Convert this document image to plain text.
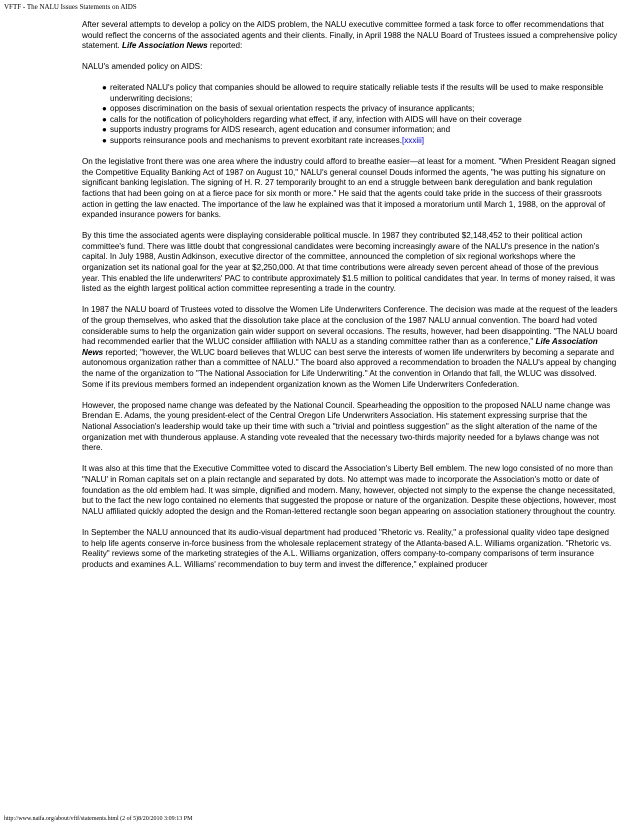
VFTF - The NALU Issues Statements on AIDS

After several attempts to develop a policy on the AIDS problem, the NALU executive committee formed a task force to offer recommendations that would reflect the concerns of the associated agents and their clients. Finally, in April 1988 the NALU Board of Trustees issued a comprehensive policy statement. Life Association News reported:

NALU's amended policy on AIDS:

● reiterated NALU's policy that companies should be allowed to require statically reliable tests if the results will be used to make responsible underwriting decisions;
● opposes discrimination on the basis of sexual orientation respects the privacy of insurance applicants;
● calls for the notification of policyholders regarding what effect, if any, infection with AIDS will have on their coverage
● supports industry programs for AIDS research, agent education and consumer information; and
● supports reinsurance pools and mechanisms to prevent exorbitant rate increases.[xxxiii]

On the legislative front there was one area where the industry could afford to breathe easier—at least for a moment. "When President Reagan signed the Competitive Equality Banking Act of 1987 on August 10," NALU's general counsel Douds informed the agents, "he was putting his signature on significant banking legislation. The signing of H. R. 27 temporarily brought to an end a struggle between bank deregulation and bank regulation factions that had been going on at a fierce pace for six month or more." He said that the agents could take pride in the success of their grassroots action in getting the law enacted. The importance of the law he explained was that it imposed a moratorium until March 1, 1988, on the approval of expanded insurance powers for banks.

By this time the associated agents were displaying considerable political muscle. In 1987 they contributed $2,148,452 to their political action committee's fund. There was little doubt that congressional candidates were becoming increasingly aware of the NALU's presence in the nation's capital. In July 1988, Austin Adkinson, executive director of the committee, announced the completion of six regional workshops where the organization set its national goal for the year at $2,250,000. At that time contributions were already seven percent ahead of those of the previous year. This enabled the life underwriters' PAC to contribute approximately $1.5 million to political candidates that year. In terms of money raised, it was listed as the eighth largest political action committee representing a trade in the country.

In 1987 the NALU board of Trustees voted to dissolve the Women Life Underwriters Conference. The decision was made at the request of the leaders of the group themselves, who asked that the dissolution take place at the conclusion of the 1987 NALU annual convention. The board had voted considerable sums to help the organization gain wider support on several occasions. The results, however, had been disappointing. "The NALU board had recommended earlier that the WLUC consider affiliation with NALU as a standing committee rather than as a conference," Life Association News reported; "however, the WLUC board believes that WLUC can best serve the interests of women life underwriters by becoming a separate and autonomous organization rather than a committee of NALU." The board also approved a recommendation to broaden the NALU's appeal by changing the name of the organization to "The National Association for Life Underwriting." At the convention in Orlando that fall, the WLUC was dissolved. Some if its previous members formed an independent organization known as the Women Life Underwriters Confederation.

However, the proposed name change was defeated by the National Council. Spearheading the opposition to the proposed NALU name change was Brendan E. Adams, the young president-elect of the Central Oregon Life Underwriters Association. His statement expressing surprise that the National Association's leadership would take up their time with such a "trivial and pointless suggestion" as the slight alteration of the name of the organization met with thunderous applause. A standing vote revealed that the necessary two-thirds majority needed for a bylaws change was not there.

It was also at this time that the Executive Committee voted to discard the Association's Liberty Bell emblem. The new logo consisted of no more than "NALU' in Roman capitals set on a plain rectangle and separated by dots. No attempt was made to incorporate the Association's motto or date of foundation as the old emblem had. It was simple, dignified and modern. Many, however, objected not simply to the expense the change necessitated, but to the fact the new logo contained no elements that suggested the propose or nature of the organization. Despite these objections, however, most NALU affiliated quickly adopted the design and the Roman-lettered rectangle soon began appearing on association stationery throughout the country.

In September the NALU announced that its audio-visual department had produced "Rhetoric vs. Reality," a professional quality video tape designed to help life agents conserve in-force business from the wholesale replacement strategy of the Atlanta-based A.L. Williams organization. "Rhetoric vs. Reality" reviews some of the marketing strategies of the A.L. Williams organization, offers company-to-company comparisons of term insurance products and examines A.L. Williams' recommendation to buy term and invest the difference," explained producer

http://www.naifa.org/about/vftf/statements.html (2 of 5)8/20/2010 3:09:13 PM
